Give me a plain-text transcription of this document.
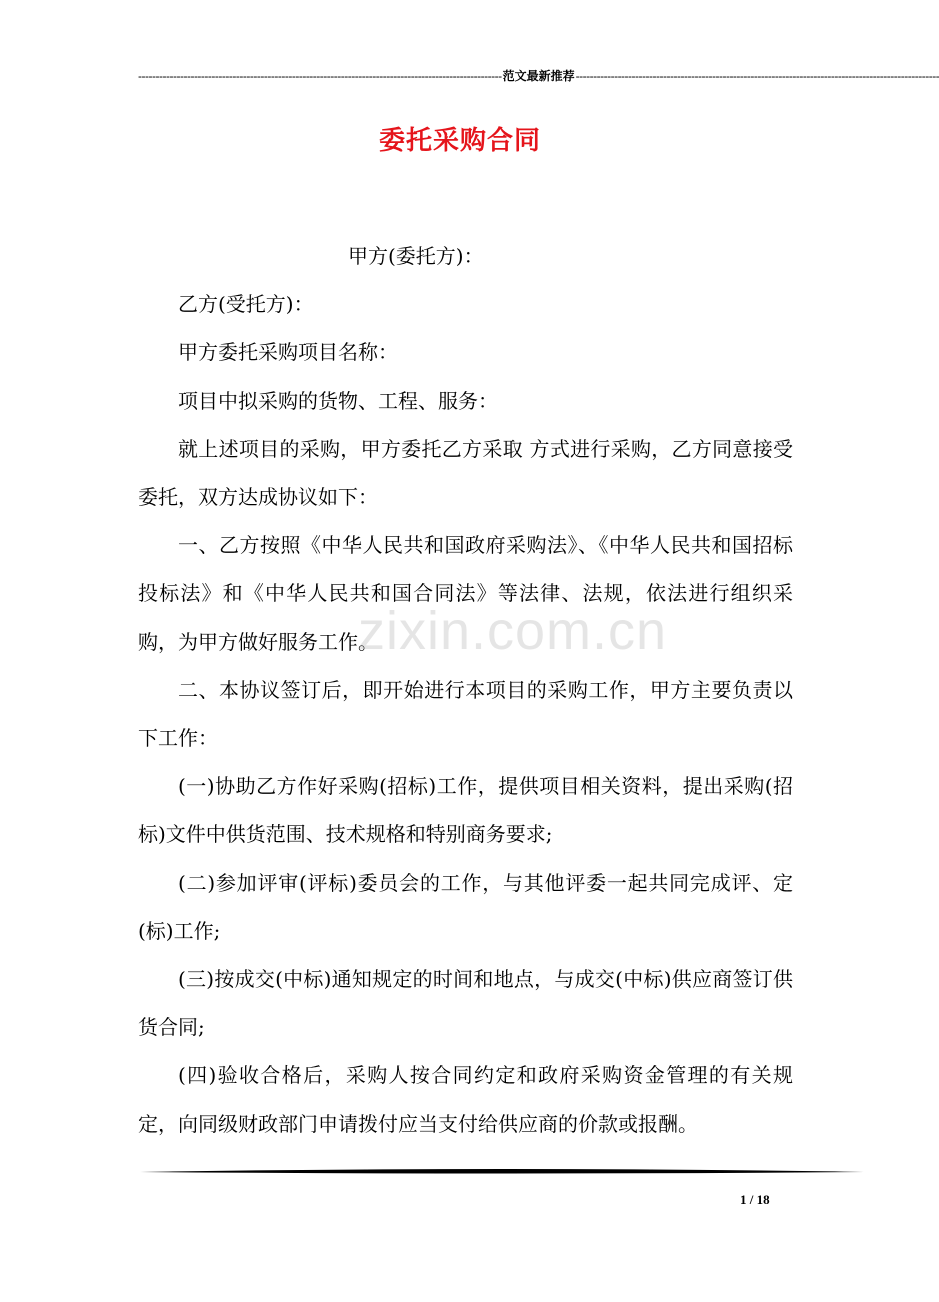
-------------------------------------------------------------------------------------------------------- 范文最新推荐 --------------------------------------------------------------------------------------------------------
委托采购合同

甲方(委托方)：

乙方(受托方)：

甲方委托采购项目名称：

项目中拟采购的货物、工程、服务：

就上述项目的采购，甲方委托乙方采取 方式进行采购，乙方同意接受委托，双方达成协议如下：

一、乙方按照《中华人民共和国政府采购法》、《中华人民共和国招标投标法》和《中华人民共和国合同法》等法律、法规，依法进行组织采购，为甲方做好服务工作。

二、本协议签订后，即开始进行本项目的采购工作，甲方主要负责以下工作：

(一)协助乙方作好采购(招标)工作，提供项目相关资料，提出采购(招标)文件中供货范围、技术规格和特别商务要求;

(二)参加评审(评标)委员会的工作，与其他评委一起共同完成评、定(标)工作;

(三)按成交(中标)通知规定的时间和地点，与成交(中标)供应商签订供货合同;

(四)验收合格后，采购人按合同约定和政府采购资金管理的有关规定，向同级财政部门申请拨付应当支付给供应商的价款或报酬。

zixin.com.cn
1 / 18
